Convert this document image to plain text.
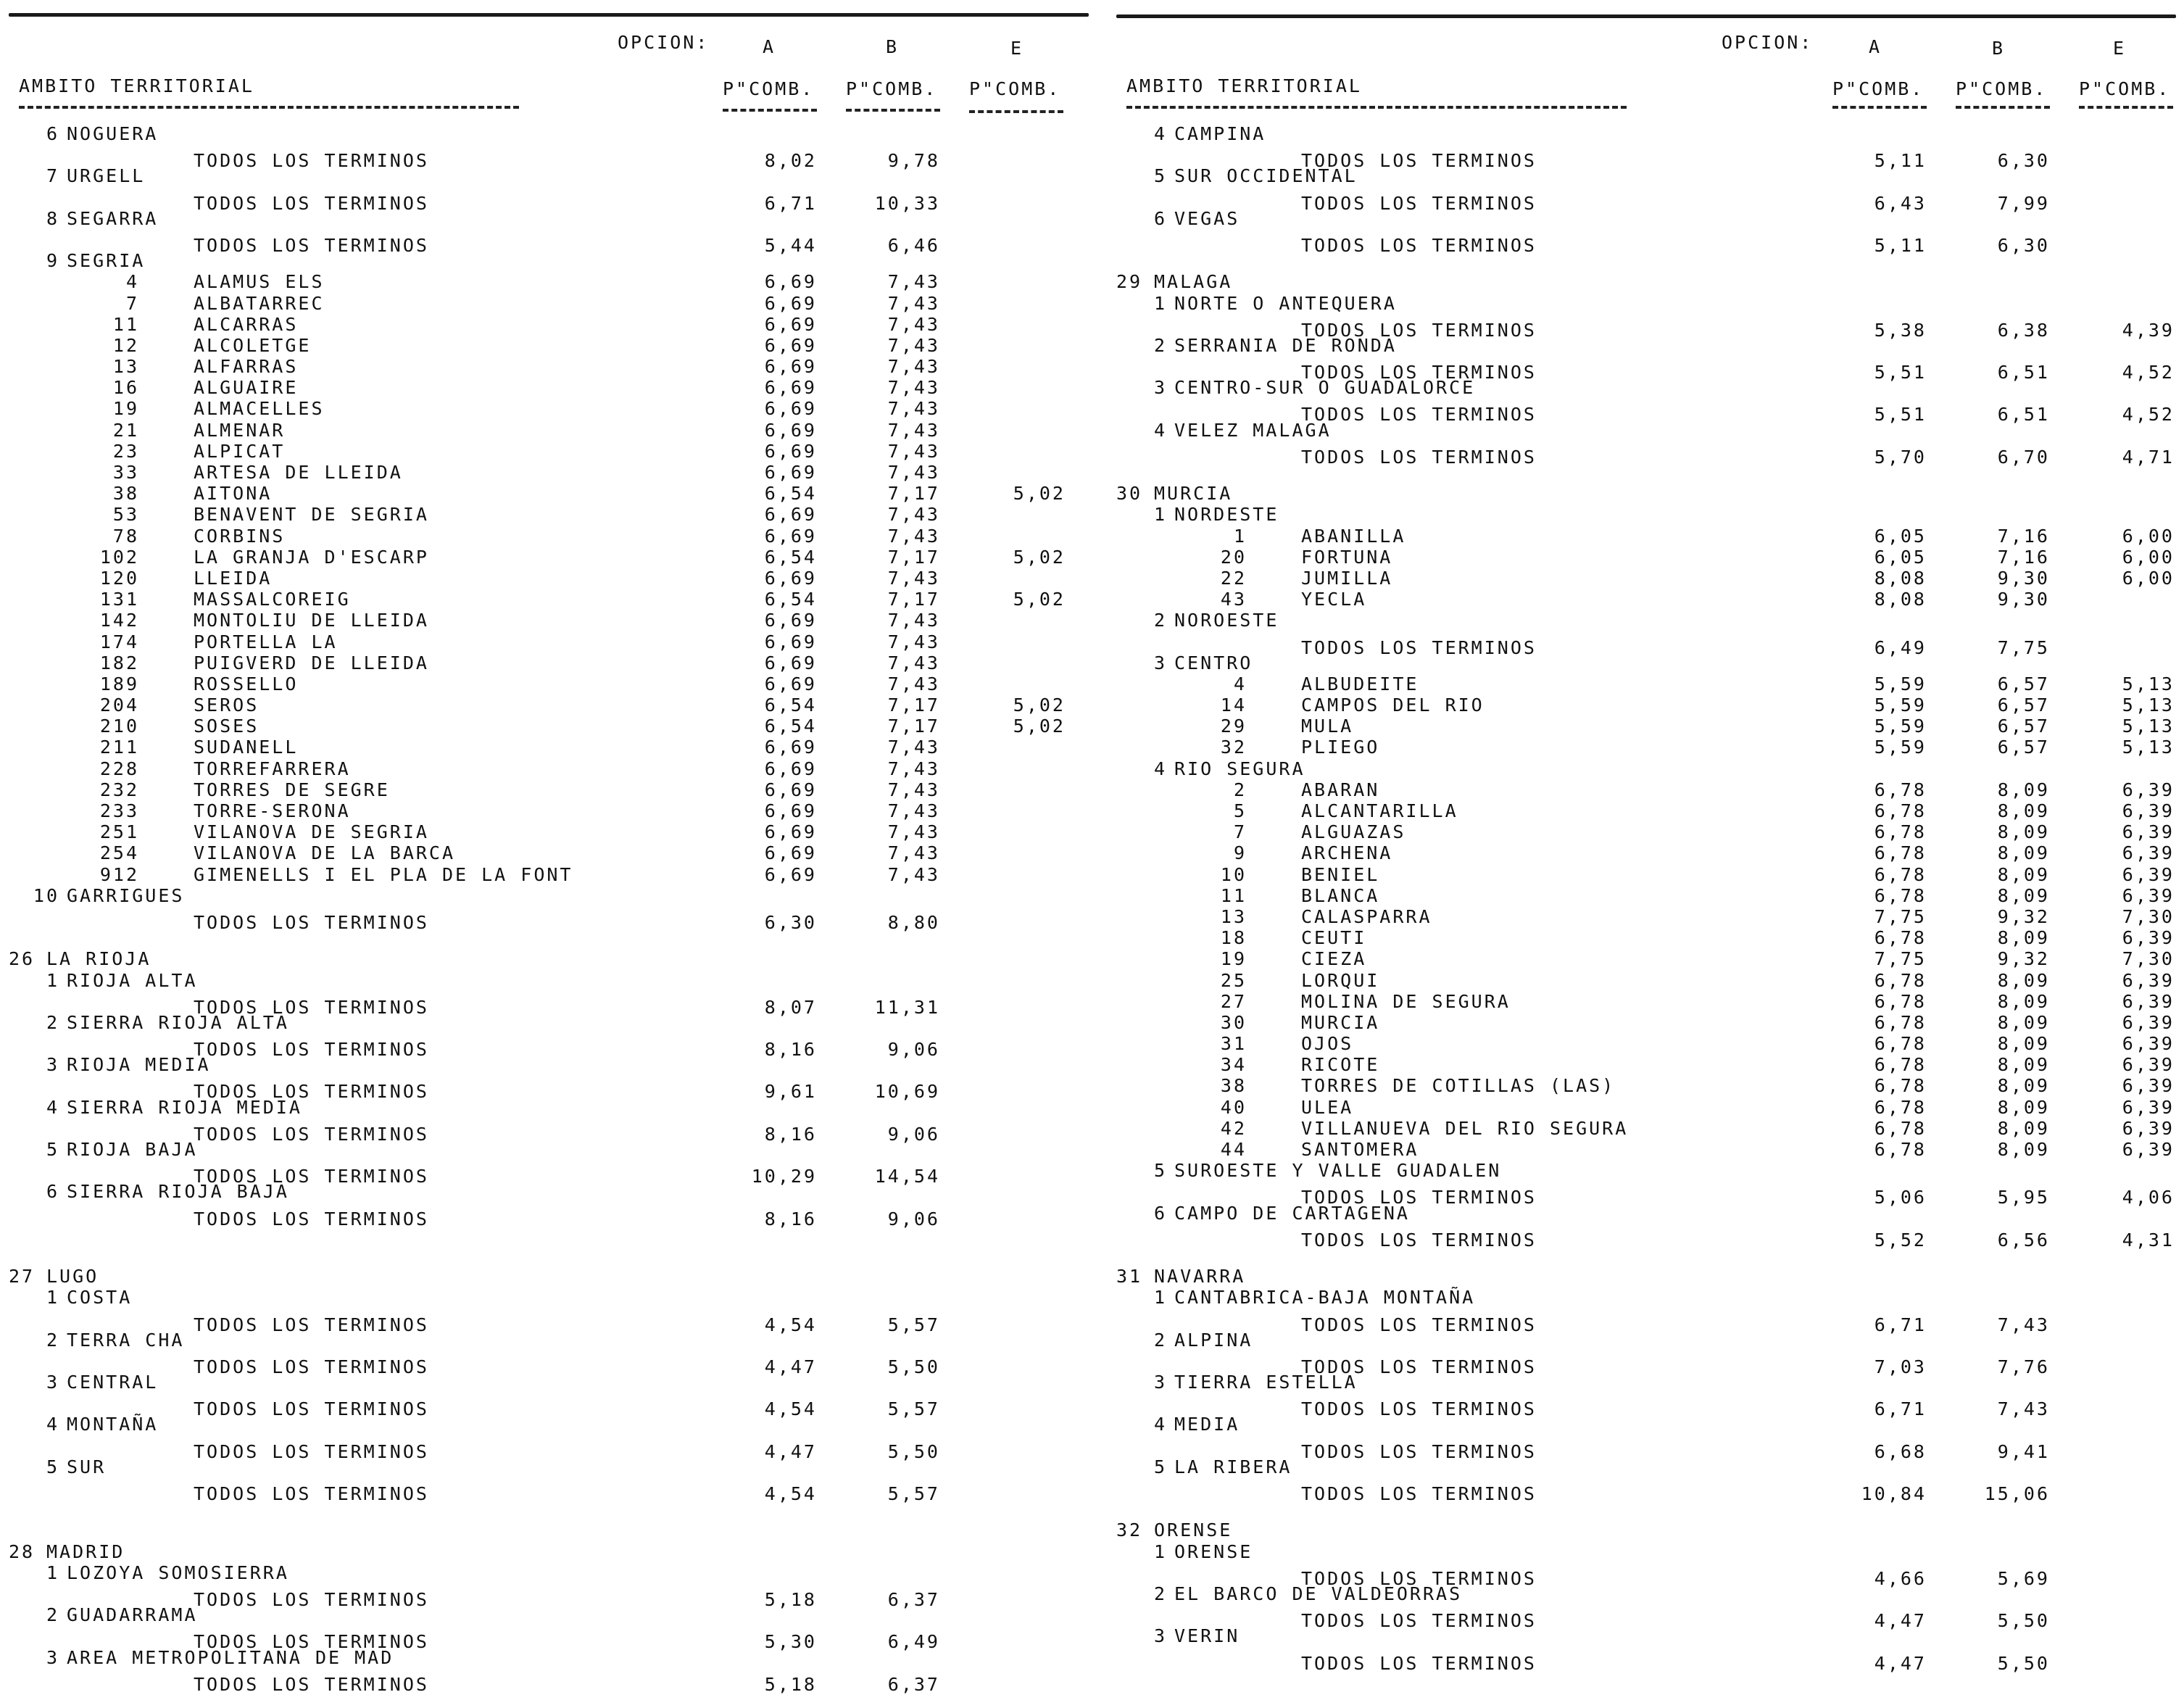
OPCION:	A	B	E
AMBITO TERRITORIAL	P"COMB. P"COMB. P"COMB.
6 NOGUERA
TODOS LOS TERMINOS	8,02	9,78
7 URGELL
TODOS LOS TERMINOS	6,71	10,33
8 SEGARRA
TODOS LOS TERMINOS	5,44	6,46
9 SEGRIA
4	ALAMUS ELS	6,69	7,43
7	ALBATARREC	6,69	7,43
11	ALCARRAS	6,69	7,43
12	ALCOLETGE	6,69	7,43
13	ALFARRAS	6,69	7,43
16	ALGUAIRE	6,69	7,43
19	ALMACELLES	6,69	7,43
21	ALMENAR	6,69	7,43
23	ALPICAT	6,69	7,43
33	ARTESA DE LLEIDA	6,69	7,43
38	AITONA	6,54	7,17	5,02
53	BENAVENT DE SEGRIA	6,69	7,43
78	CORBINS	6,69	7,43
102	LA GRANJA D'ESCARP	6,54	7,17	5,02
120	LLEIDA	6,69	7,43
131	MASSALCOREIG	6,54	7,17	5,02
142	MONTOLIU DE LLEIDA	6,69	7,43
174	PORTELLA LA	6,69	7,43
182	PUIGVERD DE LLEIDA	6,69	7,43
189	ROSSELLO	6,69	7,43
204	SEROS	6,54	7,17	5,02
210	SOSES	6,54	7,17	5,02
211	SUDANELL	6,69	7,43
228	TORREFARRERA	6,69	7,43
232	TORRES DE SEGRE	6,69	7,43
233	TORRE-SERONA	6,69	7,43
251	VILANOVA DE SEGRIA	6,69	7,43
254	VILANOVA DE LA BARCA	6,69	7,43
912	GIMENELLS I EL PLA DE LA FONT	6,69	7,43
10 GARRIGUES
TODOS LOS TERMINOS	6,30	8,80
26 LA RIOJA
1 RIOJA ALTA
TODOS LOS TERMINOS	8,07	11,31
2 SIERRA RIOJA ALTA
TODOS LOS TERMINOS	8,16	9,06
3 RIOJA MEDIA
TODOS LOS TERMINOS	9,61	10,69
4 SIERRA RIOJA MEDIA
TODOS LOS TERMINOS	8,16	9,06
5 RIOJA BAJA
TODOS LOS TERMINOS	10,29	14,54
6 SIERRA RIOJA BAJA
TODOS LOS TERMINOS	8,16	9,06
27 LUGO
1 COSTA
TODOS LOS TERMINOS	4,54	5,57
2 TERRA CHA
TODOS LOS TERMINOS	4,47	5,50
3 CENTRAL
TODOS LOS TERMINOS	4,54	5,57
4 MONTAÑA
TODOS LOS TERMINOS	4,47	5,50
5 SUR
TODOS LOS TERMINOS	4,54	5,57
28 MADRID
1 LOZOYA SOMOSIERRA
TODOS LOS TERMINOS	5,18	6,37
2 GUADARRAMA
TODOS LOS TERMINOS	5,30	6,49
3 AREA METROPOLITANA DE MAD
TODOS LOS TERMINOS	5,18	6,37
OPCION:	A	B	E
AMBITO TERRITORIAL	P"COMB. P"COMB. P"COMB.
4 CAMPINA
TODOS LOS TERMINOS	5,11	6,30
5 SUR OCCIDENTAL
TODOS LOS TERMINOS	6,43	7,99
6 VEGAS
TODOS LOS TERMINOS	5,11	6,30
29 MALAGA
1 NORTE O ANTEQUERA
TODOS LOS TERMINOS	5,38	6,38	4,39
2 SERRANIA DE RONDA
TODOS LOS TERMINOS	5,51	6,51	4,52
3 CENTRO-SUR O GUADALORCE
TODOS LOS TERMINOS	5,51	6,51	4,52
4 VELEZ MALAGA
TODOS LOS TERMINOS	5,70	6,70	4,71
30 MURCIA
1 NORDESTE
1	ABANILLA	6,05	7,16	6,00
20	FORTUNA	6,05	7,16	6,00
22	JUMILLA	8,08	9,30	6,00
43	YECLA	8,08	9,30
2 NOROESTE
TODOS LOS TERMINOS	6,49	7,75
3 CENTRO
4	ALBUDEITE	5,59	6,57	5,13
14	CAMPOS DEL RIO	5,59	6,57	5,13
29	MULA	5,59	6,57	5,13
32	PLIEGO	5,59	6,57	5,13
4 RIO SEGURA
2	ABARAN	6,78	8,09	6,39
5	ALCANTARILLA	6,78	8,09	6,39
7	ALGUAZAS	6,78	8,09	6,39
9	ARCHENA	6,78	8,09	6,39
10	BENIEL	6,78	8,09	6,39
11	BLANCA	6,78	8,09	6,39
13	CALASPARRA	7,75	9,32	7,30
18	CEUTI	6,78	8,09	6,39
19	CIEZA	7,75	9,32	7,30
25	LORQUI	6,78	8,09	6,39
27	MOLINA DE SEGURA	6,78	8,09	6,39
30	MURCIA	6,78	8,09	6,39
31	OJOS	6,78	8,09	6,39
34	RICOTE	6,78	8,09	6,39
38	TORRES DE COTILLAS (LAS)	6,78	8,09	6,39
40	ULEA	6,78	8,09	6,39
42	VILLANUEVA DEL RIO SEGURA	6,78	8,09	6,39
44	SANTOMERA	6,78	8,09	6,39
5 SUROESTE Y VALLE GUADALEN
TODOS LOS TERMINOS	5,06	5,95	4,06
6 CAMPO DE CARTAGENA
TODOS LOS TERMINOS	5,52	6,56	4,31
31 NAVARRA
1 CANTABRICA-BAJA MONTAÑA
TODOS LOS TERMINOS	6,71	7,43
2 ALPINA
TODOS LOS TERMINOS	7,03	7,76
3 TIERRA ESTELLA
TODOS LOS TERMINOS	6,71	7,43
4 MEDIA
TODOS LOS TERMINOS	6,68	9,41
5 LA RIBERA
TODOS LOS TERMINOS	10,84	15,06
32 ORENSE
1 ORENSE
TODOS LOS TERMINOS	4,66	5,69
2 EL BARCO DE VALDEORRAS
TODOS LOS TERMINOS	4,47	5,50
3 VERIN
TODOS LOS TERMINOS	4,47	5,50
